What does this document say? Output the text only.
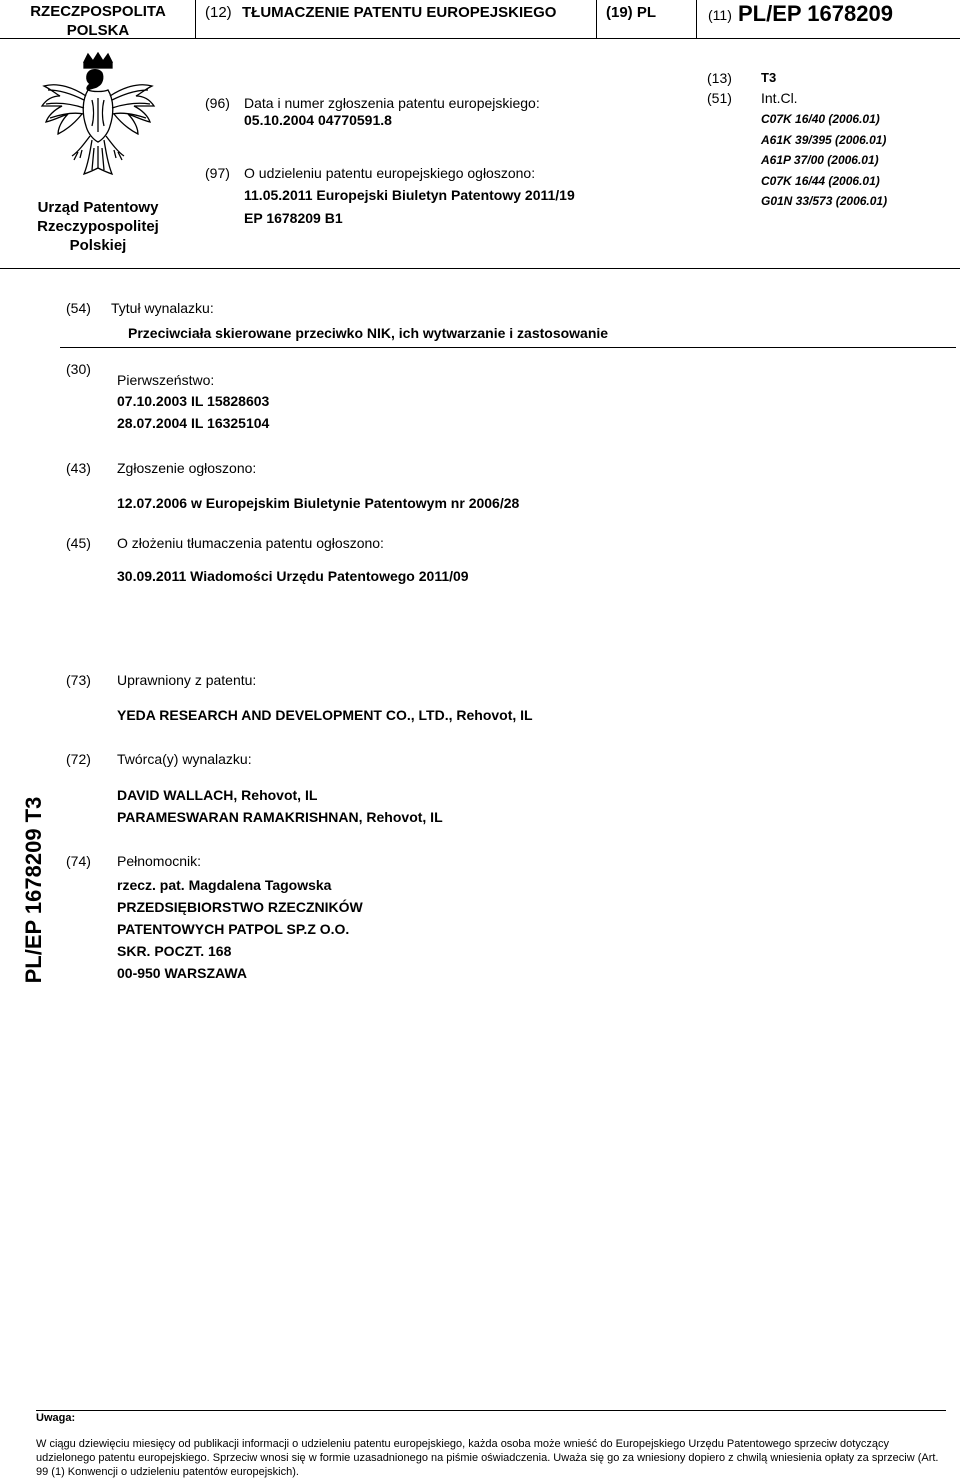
RZECZPOSPOLITA
POLSKA
(12) TŁUMACZENIE PATENTU EUROPEJSKIEGO	(19) PL	(11) PL/EP 1678209
Urząd Patentowy
Rzeczypospolitej
Polskiej
(96) Data i numer zgłoszenia patentu europejskiego:
05.10.2004 04770591.8
(97) O udzieleniu patentu europejskiego ogłoszono:
11.05.2011 Europejski Biuletyn Patentowy 2011/19
EP 1678209 B1
(13) T3
(51) Int.Cl.
C07K 16/40 (2006.01)
A61K 39/395 (2006.01)
A61P 37/00 (2006.01)
C07K 16/44 (2006.01)
G01N 33/573 (2006.01)
(54) Tytuł wynalazku:
Przeciwciała skierowane przeciwko NIK, ich wytwarzanie i zastosowanie
(30)
Pierwszeństwo:
07.10.2003 IL 15828603
28.07.2004 IL 16325104
(43) Zgłoszenie ogłoszono:
12.07.2006 w Europejskim Biuletynie Patentowym nr 2006/28
(45) O złożeniu tłumaczenia patentu ogłoszono:
30.09.2011 Wiadomości Urzędu Patentowego 2011/09
(73) Uprawniony z patentu:
YEDA RESEARCH AND DEVELOPMENT CO., LTD., Rehovot, IL
(72) Twórca(y) wynalazku:
DAVID WALLACH, Rehovot, IL
PARAMESWARAN RAMAKRISHNAN, Rehovot, IL
(74) Pełnomocnik:
rzecz. pat. Magdalena Tagowska
PRZEDSIĘBIORSTWO RZECZNIKÓW
PATENTOWYCH PATPOL SP.Z O.O.
SKR. POCZT. 168
00-950 WARSZAWA
PL/EP 1678209 T3
Uwaga:
W ciągu dziewięciu miesięcy od publikacji informacji o udzieleniu patentu europejskiego, każda osoba może wnieść do Europejskiego Urzędu Patentowego sprzeciw dotyczący udzielonego patentu europejskiego. Sprzeciw wnosi się w formie uzasadnionego na piśmie oświadczenia. Uważa się go za wniesiony dopiero z chwilą wniesienia opłaty za sprzeciw (Art. 99 (1) Konwencji o udzieleniu patentów europejskich).
